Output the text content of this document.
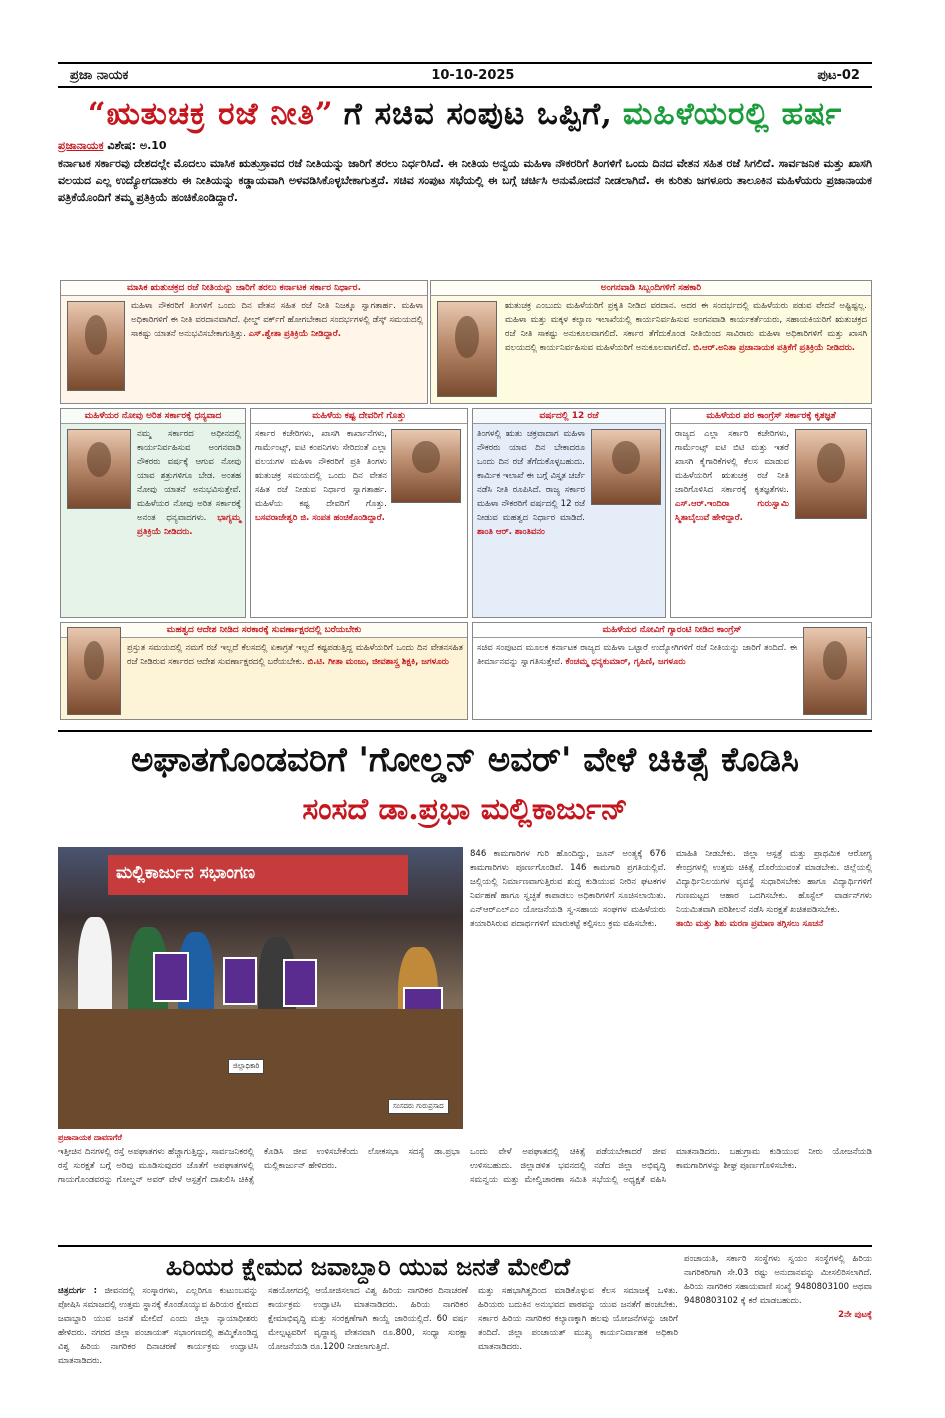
ಪ್ರಜಾ ನಾಯಕ	10-10-2025	ಪುಟ-02
“ಋತುಚಕ್ರ ರಜೆ ನೀತಿ” ಗೆ ಸಚಿವ ಸಂಪುಟ ಒಪ್ಪಿಗೆ, ಮಹಿಳೆಯರಲ್ಲಿ ಹರ್ಷ
ಪ್ರಜಾನಾಯಕ ವಿಶೇಷ: ಅ.10
ಕರ್ನಾಟಕ ಸರ್ಕಾರವು ದೇಶದಲ್ಲೇ ಮೊದಲು ಮಾಸಿಕ ಋತುಸ್ರಾವದ ರಜೆ ನೀತಿಯನ್ನು ಜಾರಿಗೆ ತರಲು ನಿರ್ಧರಿಸಿದೆ. ಈ ನೀತಿಯ ಅನ್ವಯ ಮಹಿಳಾ ನೌಕರರಿಗೆ ತಿಂಗಳಿಗೆ ಒಂದು ದಿನದ ವೇತನ ಸಹಿತ ರಜೆ ಸಿಗಲಿದೆ. ಸಾರ್ವಜನಿಕ ಮತ್ತು ಖಾಸಗಿ ವಲಯದ ಎಲ್ಲ ಉದ್ಯೋಗದಾತರು ಈ ನೀತಿಯನ್ನು ಕಡ್ಡಾಯವಾಗಿ ಅಳವಡಿಸಿಕೊಳ್ಳಬೇಕಾಗುತ್ತದೆ. ಸಚಿವ ಸಂಪುಟ ಸಭೆಯಲ್ಲಿ ಈ ಬಗ್ಗೆ ಚರ್ಚಿಸಿ ಅನುಮೋದನೆ ನೀಡಲಾಗಿದೆ. ಈ ಕುರಿತು ಜಗಳೂರು ತಾಲೂಕಿನ ಮಹಿಳೆಯರು ಪ್ರಜಾನಾಯಕ ಪತ್ರಿಕೆಯೊಂದಿಗೆ ತಮ್ಮ ಪ್ರತಿಕ್ರಿಯೆ ಹಂಚಿಕೊಂಡಿದ್ದಾರೆ.
ಮಾಸಿಕ ಋತುಚಕ್ರದ ರಜೆ ನೀತಿಯನ್ನು ಜಾರಿಗೆ ತರಲು ಕರ್ನಾಟಕ ಸರ್ಕಾರ ನಿರ್ಧಾರ.
ಮಹಿಳಾ ನೌಕರರಿಗೆ ತಿಂಗಳಿಗೆ ಒಂದು ದಿನ ವೇತನ ಸಹಿತ ರಜೆ ನೀತಿ ನಿಜಕ್ಕೂ ಸ್ವಾಗತಾರ್ಹ. ಮಹಿಳಾ ಅಧಿಕಾರಿಗಳಿಗೆ ಈ ನೀತಿ ವರದಾನವಾಗಿದೆ. ಫೀಲ್ಡ್ ವರ್ಕ್‌ಗೆ ಹೋಗಬೇಕಾದ ಸಂದರ್ಭಗಳಲ್ಲಿ ಡೆಸ್ಕ್ ಸಮಯದಲ್ಲಿ ಸಾಕಷ್ಟು ಯಾತನೆ ಅನುಭವಿಸಬೇಕಾಗುತ್ತಿತ್ತು. ಎಸ್.ಶ್ವೇತಾ ಪ್ರತಿಕ್ರಿಯೆ ನೀಡಿದ್ದಾರೆ.
ಅಂಗನವಾಡಿ ಸಿಬ್ಬಂದಿಗಳಿಗೆ ಸಹಕಾರಿ
ಋತುಚಕ್ರ ಎಂಬುದು ಮಹಿಳೆಯರಿಗೆ ಪ್ರಕೃತಿ ನೀಡಿದ ವರದಾನ. ಅದರ ಈ ಸಂದರ್ಭದಲ್ಲಿ ಮಹಿಳೆಯರು ಪಡುವ ವೇದನೆ ಅಷ್ಟಿಷ್ಟಲ್ಲ. ಮಹಿಳಾ ಮತ್ತು ಮಕ್ಕಳ ಕಲ್ಯಾಣ ಇಲಾಖೆಯಲ್ಲಿ ಕಾರ್ಯನಿರ್ವಹಿಸುವ ಅಂಗನವಾಡಿ ಕಾರ್ಯಕರ್ತೆಯರು, ಸಹಾಯಕಿಯರಿಗೆ ಋತುಚಕ್ರದ ರಜೆ ನೀತಿ ಸಾಕಷ್ಟು ಅನುಕೂಲವಾಗಲಿದೆ. ಸರ್ಕಾರ ತೆಗೆದುಕೊಂಡ ನೀತಿಯಿಂದ ಸಾವಿರಾರು ಮಹಿಳಾ ಅಧಿಕಾರಿಗಳಿಗೆ ಮತ್ತು ಖಾಸಗಿ ವಲಯದಲ್ಲಿ ಕಾರ್ಯನಿರ್ವಹಿಸುವ ಮಹಿಳೆಯರಿಗೆ ಅನುಕೂಲವಾಗಲಿದೆ. ಬಿ.ಆರ್.ಅನಿತಾ ಪ್ರಜಾನಾಯಕ ಪತ್ರಿಕೆಗೆ ಪ್ರತಿಕ್ರಿಯೆ ನೀಡಿದರು.
ಮಹಿಳೆಯರ ನೋವು ಅರಿತ ಸರ್ಕಾರಕ್ಕೆ ಧನ್ಯವಾದ
ನಮ್ಮ ಸರ್ಕಾರದ ಅಧೀನದಲ್ಲಿ ಕಾರ್ಯನಿರ್ವಹಿಸುವ ಅಂಗನವಾಡಿ ನೌಕರರು ವರ್ಷಕ್ಕೆ ಆಗುವ ನೋವು ಯಾವ ಶತ್ರುಗಳಿಗೂ ಬೇಡ. ಅಂತಹ ನೋವು ಯಾತನೆ ಅನುಭವಿಸುತ್ತೇವೆ. ಮಹಿಳೆಯರ ನೋವು ಅರಿತ ಸರ್ಕಾರಕ್ಕೆ ಅನಂತ ಧನ್ಯವಾದಗಳು. ಭಾಗ್ಯಮ್ಮ ಪ್ರತಿಕ್ರಿಯೆ ನೀಡಿದರು.
ಮಹಿಳೆಯ ಕಷ್ಟ ದೇವರಿಗೆ ಗೊತ್ತು
ಸರ್ಕಾರ ಕಚೇರಿಗಳು, ಖಾಸಗಿ ಕಾರ್ಖಾನೆಗಳು, ಗಾರ್ಮೆಂಟ್ಸ್, ಐಟಿ ಕಂಪನಿಗಳು ಸೇರಿದಂತೆ ಎಲ್ಲಾ ವಲಯಗಳ ಮಹಿಳಾ ನೌಕರರಿಗೆ ಪ್ರತಿ ತಿಂಗಳು ಋತುಚಕ್ರ ಸಮಯದಲ್ಲಿ ಒಂದು ದಿನ ವೇತನ ಸಹಿತ ರಜೆ ನೀಡುವ ನಿರ್ಧಾರ ಸ್ವಾಗತಾರ್ಹ. ಮಹಿಳೆಯ ಕಷ್ಟ ದೇವರಿಗೆ ಗೊತ್ತು. ಬಸವರಾಜೇಶ್ವರಿ ಜಿ. ಸಂಪತ ಹಂಚಿಕೊಂಡಿದ್ದಾರೆ.
ವರ್ಷದಲ್ಲಿ 12 ರಜೆ
ತಿಂಗಳಲ್ಲಿ ಋತು ಚಕ್ರವಾದಾಗ ಮಹಿಳಾ ನೌಕರರು ಯಾವ ದಿನ ಬೇಕಾದರೂ ಒಂದು ದಿನ ರಜೆ ತೆಗೆದುಕೊಳ್ಳಬಹುದು. ಕಾರ್ಮಿಕ ಇಲಾಖೆ ಈ ಬಗ್ಗೆ ವಿಸ್ತೃತ ಚರ್ಚೆ ನಡೆಸಿ ನೀತಿ ರೂಪಿಸಿದೆ. ರಾಜ್ಯ ಸರ್ಕಾರ ಮಹಿಳಾ ನೌಕರರಿಗೆ ವರ್ಷದಲ್ಲಿ 12 ರಜೆ ನೀಡುವ ಮಹತ್ವದ ನಿರ್ಧಾರ ಮಾಡಿದೆ. ಶಾಂತಿ ಆರ್. ಶಾಂತಿವನಂ
ಮಹಿಳೆಯರ ಪರ ಕಾಂಗ್ರೆಸ್ ಸರ್ಕಾರಕ್ಕೆ ಕೃತಜ್ಞತೆ
ರಾಜ್ಯದ ಎಲ್ಲಾ ಸರ್ಕಾರಿ ಕಚೇರಿಗಳು, ಗಾರ್ಮೆಂಟ್ಸ್ ಐಟಿ ಬಿಟಿ ಮತ್ತು ಇತರೆ ಖಾಸಗಿ ಕೈಗಾರಿಕೆಗಳಲ್ಲಿ ಕೆಲಸ ಮಾಡುವ ಮಹಿಳೆಯರಿಗೆ ಋತುಚಕ್ರ ರಜೆ ನೀತಿ ಜಾರಿಗೊಳಿಸಿದ ಸರ್ಕಾರಕ್ಕೆ ಕೃತಜ್ಞತೆಗಳು. ಎಸ್.ಆರ್.ಇಂದಿರಾ ಗುರುಸ್ವಾಮಿ ಸ್ಮಿತಾಬೈಲುವೆ ಹೇಳಿದ್ದಾರೆ.
ಮಹತ್ವದ ಆದೇಶ ನೀಡಿದ ಸರಕಾರಕ್ಕೆ ಸುವರ್ಣಾಕ್ಷರದಲ್ಲಿ ಬರೆಯಬೇಕು
ಪ್ರಸ್ತುತ ಸಮಯದಲ್ಲಿ ನಮಗೆ ರಜೆ ಇಲ್ಲದೆ ಕೆಲಸದಲ್ಲಿ ಏಕಾಗ್ರತೆ ಇಲ್ಲದೆ ಕಷ್ಟಪಡುತ್ತಿದ್ದ ಮಹಿಳೆಯರಿಗೆ ಒಂದು ದಿನ ವೇತನಸಹಿತ ರಜೆ ನೀಡಿರುವ ಸರ್ಕಾರದ ಆದೇಶ ಸುವರ್ಣಾಕ್ಷರದಲ್ಲಿ ಬರೆಯಬೇಕು. ಬಿ.ಟಿ. ಗೀತಾ ಮಂಜು, ಜೀವಶಾಸ್ತ್ರ ಶಿಕ್ಷಕಿ, ಜಗಳೂರು
ಮಹಿಳೆಯರ ನೋವಿಗೆ ಗ್ಯಾರಂಟಿ ನೀಡಿದ ಕಾಂಗ್ರೆಸ್
ಸಚಿವ ಸಂಪುಟದ ಮೂಲಕ ಕರ್ನಾಟಕ ರಾಜ್ಯದ ಮಹಿಳಾ ಒಟ್ಟಾರೆ ಉದ್ಯೋಗಿಗಳಿಗೆ ರಜೆ ನೀತಿಯನ್ನು ಜಾರಿಗೆ ತಂದಿದೆ. ಈ ತೀರ್ಮಾನವನ್ನು ಸ್ವಾಗತಿಸುತ್ತೇವೆ. ಕೆಂಚಮ್ಮ ಧನ್ಯಕುಮಾರ್, ಗೃಹಿಣಿ, ಜಗಳೂರು
ಅಘಾತಗೊಂಡವರಿಗೆ 'ಗೋಲ್ಡನ್ ಅವರ್' ವೇಳೆ ಚಿಕಿತ್ಸೆ ಕೊಡಿಸಿ
ಸಂಸದೆ ಡಾ.ಪ್ರಭಾ ಮಲ್ಲಿಕಾರ್ಜುನ್
ಮಲ್ಲಿಕಾರ್ಜುನ ಸಭಾಂಗಣ
ಜಿಲ್ಲಾಧಿಕಾರಿ
ಸಂಸದರು ಗುರುಪ್ರಸಾದ
ಪ್ರಜಾನಾಯಕ ದಾವಣಗೆರೆ

846 ಕಾಮಗಾರಿಗಳ ಗುರಿ ಹೊಂದಿದ್ದು, ಜೂನ್ ಅಂತ್ಯಕ್ಕೆ 676 ಕಾಮಗಾರಿಗಳು ಪೂರ್ಣಗೊಂಡಿವೆ. 146 ಕಾಮಗಾರಿ ಪ್ರಗತಿಯಲ್ಲಿವೆ. ಜಲ್ಲಿಯಲ್ಲಿ ನಿರ್ಮಾಣವಾಗುತ್ತಿರುವ ಶುದ್ಧ ಕುಡಿಯುವ ನೀರಿನ ಘಟಕಗಳ ನಿರ್ವಹಣೆ ಹಾಗೂ ಸ್ವಚ್ಛತೆ ಕಾಪಾಡಲು ಅಧಿಕಾರಿಗಳಿಗೆ ಸೂಚಿಸಲಾಯಿತು. ಎನ್‌ಆರ್‌ಎಲ್‌ಎಂ ಯೋಜನೆಯಡಿ ಸ್ವ-ಸಹಾಯ ಸಂಘಗಳ ಮಹಿಳೆಯರು ತಯಾರಿಸಿರುವ ಪದಾರ್ಥಗಳಿಗೆ ಮಾರುಕಟ್ಟೆ ಕಲ್ಪಿಸಲು ಕ್ರಮ ವಹಿಸಬೇಕು.

ಮಾಹಿತಿ ನೀಡಬೇಕು. ಜಿಲ್ಲಾ ಆಸ್ಪತ್ರೆ ಮತ್ತು ಪ್ರಾಥಮಿಕ ಆರೋಗ್ಯ ಕೇಂದ್ರಗಳಲ್ಲಿ ಉತ್ತಮ ಚಿಕಿತ್ಸೆ ದೊರೆಯುವಂತೆ ಮಾಡಬೇಕು. ಜಿಲ್ಲೆಯಲ್ಲಿ ವಿದ್ಯಾರ್ಥಿನಿಲಯಗಳ ವ್ಯವಸ್ಥೆ ಸುಧಾರಿಸಬೇಕು ಹಾಗೂ ವಿದ್ಯಾರ್ಥಿಗಳಿಗೆ ಗುಣಮಟ್ಟದ ಆಹಾರ ಒದಗಿಸಬೇಕು. ಹೊಸ್ಟೆಲ್ ವಾರ್ಡನ್‌ಗಳು ನಿಯಮಿತವಾಗಿ ಪರಿಶೀಲನೆ ನಡೆಸಿ ಸುರಕ್ಷತೆ ಖಚಿತಪಡಿಸಬೇಕು.

ತಾಯಿ ಮತ್ತು ಶಿಶು ಮರಣ ಪ್ರಮಾಣ ತಗ್ಗಿಸಲು ಸೂಚನೆ

ಇತ್ತೀಚಿನ ದಿನಗಳಲ್ಲಿ ರಸ್ತೆ ಅಪಘಾತಗಳು ಹೆಚ್ಚಾಗುತ್ತಿದ್ದು, ಸಾರ್ವಜನಿಕರಲ್ಲಿ ರಸ್ತೆ ಸುರಕ್ಷತೆ ಬಗ್ಗೆ ಅರಿವು ಮೂಡಿಸುವುದರ ಜೊತೆಗೆ ಅಪಘಾತಗಳಲ್ಲಿ ಗಾಯಗೊಂಡವರನ್ನು ಗೋಲ್ಡನ್ ಅವರ್ ವೇಳೆ ಆಸ್ಪತ್ರೆಗೆ ದಾಖಲಿಸಿ ಚಿಕಿತ್ಸೆ ಕೊಡಿಸಿ ಜೀವ ಉಳಿಸಬೇಕೆಂದು ಲೋಕಸಭಾ ಸದಸ್ಯೆ ಡಾ.ಪ್ರಭಾ ಮಲ್ಲಿಕಾರ್ಜುನ್ ಹೇಳಿದರು.

ಒಂದು ವೇಳೆ ಅಪಘಾತದಲ್ಲಿ ಚಿಕಿತ್ಸೆ ಪಡೆಯಬೇಕಾದರೆ ಜೀವ ಉಳಿಸಬಹುದು. ಜಿಲ್ಲಾಡಳಿತ ಭವನದಲ್ಲಿ ನಡೆದ ಜಿಲ್ಲಾ ಅಭಿವೃದ್ಧಿ ಸಮನ್ವಯ ಮತ್ತು ಮೇಲ್ವಿಚಾರಣಾ ಸಮಿತಿ ಸಭೆಯಲ್ಲಿ ಅಧ್ಯಕ್ಷತೆ ವಹಿಸಿ ಮಾತನಾಡಿದರು. ಬಹುಗ್ರಾಮ ಕುಡಿಯುವ ನೀರು ಯೋಜನೆಯಡಿ ಕಾಮಗಾರಿಗಳನ್ನು ಶೀಘ್ರ ಪೂರ್ಣಗೊಳಿಸಬೇಕು.

ಹಿರಿಯರ ಕ್ಷೇಮದ ಜವಾಬ್ದಾರಿ ಯುವ ಜನತೆ ಮೇಲಿದೆ

ಚಿತ್ರದುರ್ಗ : ಜೀವನದಲ್ಲಿ ಸಂಸ್ಕಾರಗಳು, ಎಲ್ಲರಿಗೂ ಕುಟುಂಬವನ್ನು ಪೋಷಿಸಿ ಸಮಾಜದಲ್ಲಿ ಉತ್ತಮ ಸ್ಥಾನಕ್ಕೆ ಕೊಂಡೊಯ್ಯುವ ಹಿರಿಯರ ಕ್ಷೇಮದ ಜವಾಬ್ದಾರಿ ಯುವ ಜನತೆ ಮೇಲಿದೆ ಎಂದು ಜಿಲ್ಲಾ ನ್ಯಾಯಾಧೀಶರು ಹೇಳಿದರು. ನಗರದ ಜಿಲ್ಲಾ ಪಂಚಾಯತ್ ಸಭಾಂಗಣದಲ್ಲಿ ಹಮ್ಮಿಕೊಂಡಿದ್ದ ವಿಶ್ವ ಹಿರಿಯ ನಾಗರಿಕರ ದಿನಾಚರಣೆ ಕಾರ್ಯಕ್ರಮ ಉದ್ಘಾಟಿಸಿ ಮಾತನಾಡಿದರು.

ಸಹಯೋಗದಲ್ಲಿ ಆಯೋಜಿಸಲಾದ ವಿಶ್ವ ಹಿರಿಯ ನಾಗರಿಕರ ದಿನಾಚರಣೆ ಕಾರ್ಯಕ್ರಮ ಉದ್ಘಾಟಿಸಿ ಮಾತನಾಡಿದರು. ಹಿರಿಯ ನಾಗರಿಕರ ಕ್ಷೇಮಾಭಿವೃದ್ಧಿ ಮತ್ತು ಸಂರಕ್ಷಣೆಗಾಗಿ ಕಾಯ್ದೆ ಜಾರಿಯಲ್ಲಿದೆ. 60 ವರ್ಷ ಮೇಲ್ಪಟ್ಟವರಿಗೆ ವೃದ್ಧಾಪ್ಯ ವೇತನವಾಗಿ ರೂ.800, ಸಂಧ್ಯಾ ಸುರಕ್ಷಾ ಯೋಜನೆಯಡಿ ರೂ.1200 ನೀಡಲಾಗುತ್ತಿದೆ.

ಮತ್ತು ಸಹಭಾಗಿತ್ವದಿಂದ ಮಾಡಿಕೊಳ್ಳುವ ಕೆಲಸ ಸಮಾಜಕ್ಕೆ ಒಳಿತು. ಹಿರಿಯರು ಬದುಕಿನ ಅನುಭವದ ಪಾಠವನ್ನು ಯುವ ಜನತೆಗೆ ಹಂಚಬೇಕು. ಸರ್ಕಾರ ಹಿರಿಯ ನಾಗರಿಕರ ಕಲ್ಯಾಣಕ್ಕಾಗಿ ಹಲವು ಯೋಜನೆಗಳನ್ನು ಜಾರಿಗೆ ತಂದಿದೆ. ಜಿಲ್ಲಾ ಪಂಚಾಯತ್ ಮುಖ್ಯ ಕಾರ್ಯನಿರ್ವಾಹಕ ಅಧಿಕಾರಿ ಮಾತನಾಡಿದರು.

ಪಂಚಾಯತಿ, ಸರ್ಕಾರಿ ಸಂಸ್ಥೆಗಳು ಸ್ವಯಂ ಸಂಸ್ಥೆಗಳಲ್ಲಿ ಹಿರಿಯ ನಾಗರಿಕರಿಗಾಗಿ ಸೇ.03 ರಷ್ಟು ಅನುದಾನವನ್ನು ಮೀಸಲಿರಿಸಲಾಗಿದೆ. ಹಿರಿಯ ನಾಗರಿಕರ ಸಹಾಯವಾಣಿ ಸಂಖ್ಯೆ 9480803100 ಅಥವಾ 9480803102 ಕ್ಕೆ ಕರೆ ಮಾಡಬಹುದು.

2ನೇ ಪುಟಕ್ಕೆ
